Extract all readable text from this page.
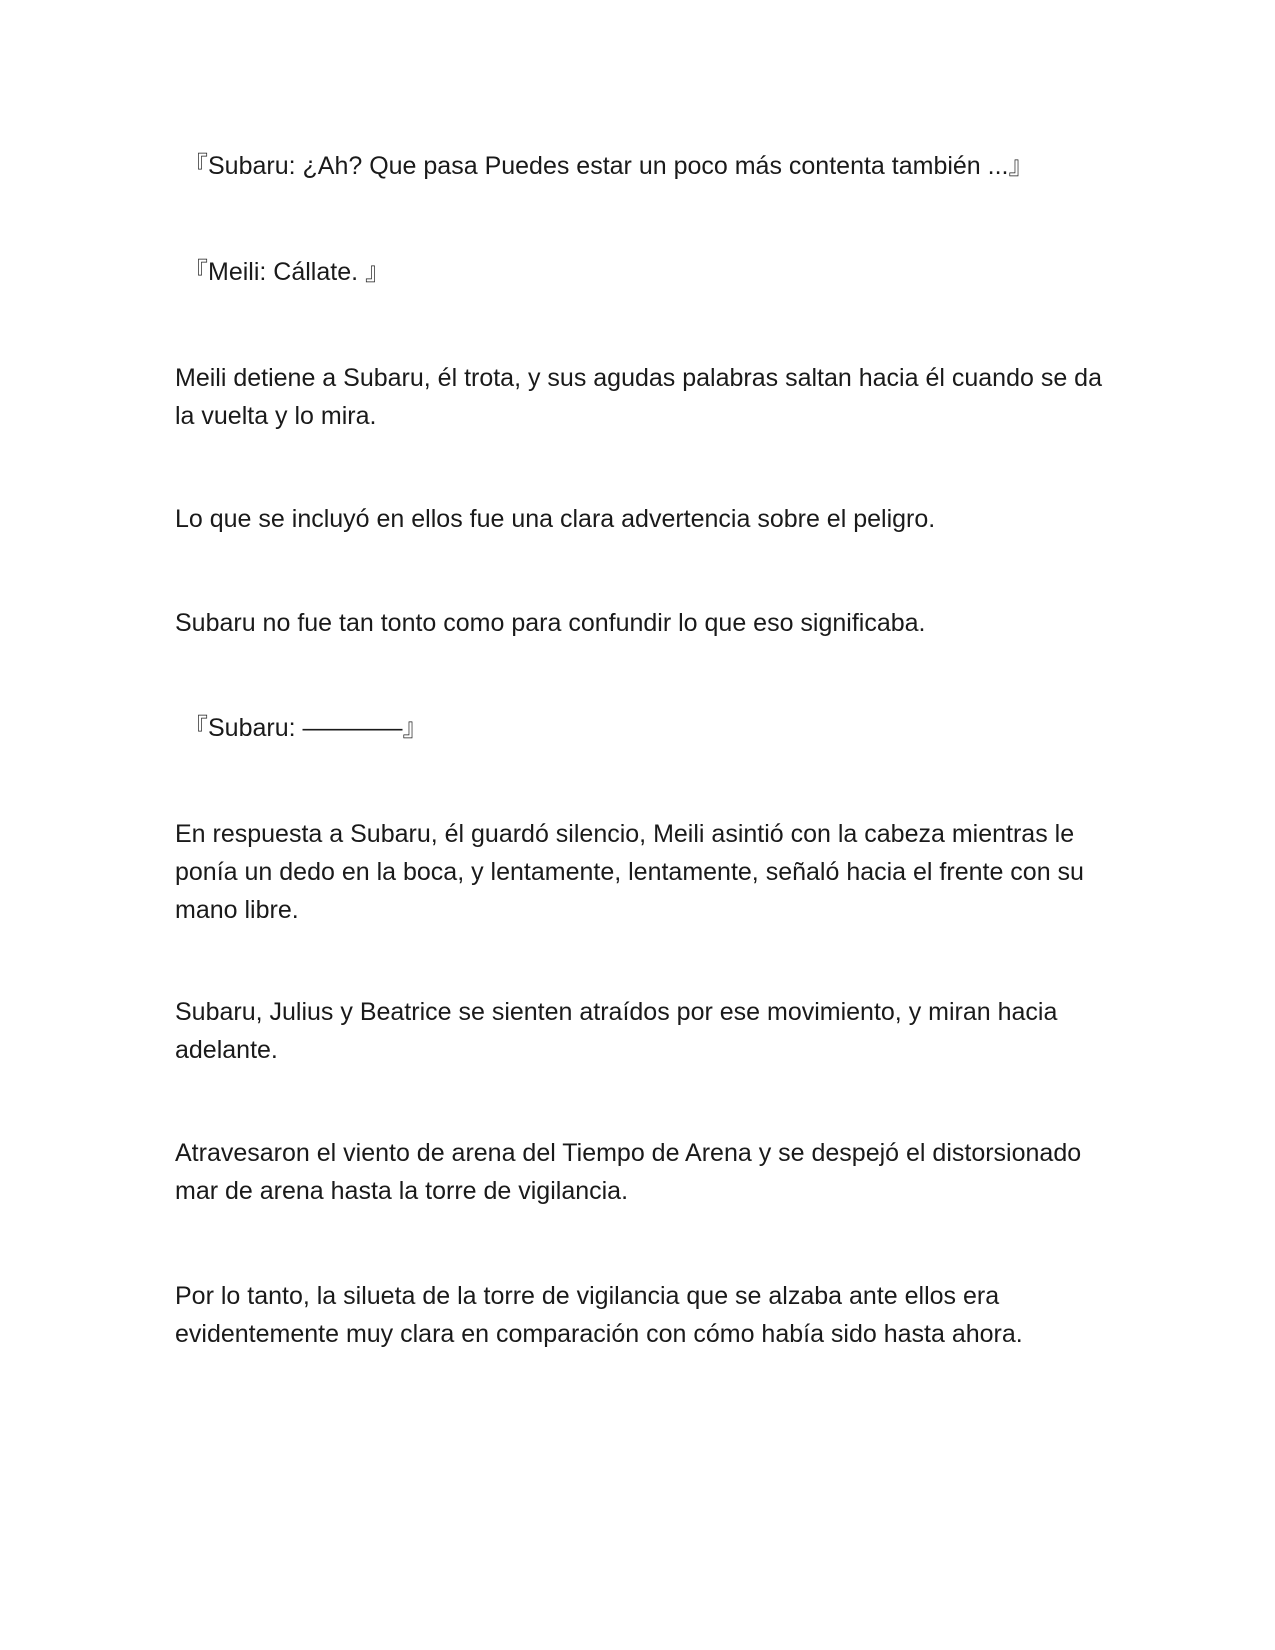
『Subaru: ¿Ah? Que pasa Puedes estar un poco más contenta también ...』

『Meili: Cállate. 』

Meili detiene a Subaru, él trota, y sus agudas palabras saltan hacia él cuando se da la vuelta y lo mira.

Lo que se incluyó en ellos fue una clara advertencia sobre el peligro.

Subaru no fue tan tonto como para confundir lo que eso significaba.

『Subaru: ————』

En respuesta a Subaru, él guardó silencio, Meili asintió con la cabeza mientras le ponía un dedo en la boca, y lentamente, lentamente, señaló hacia el frente con su mano libre.

Subaru, Julius y Beatrice se sienten atraídos por ese movimiento, y miran hacia adelante.

Atravesaron el viento de arena del Tiempo de Arena y se despejó el distorsionado mar de arena hasta la torre de vigilancia.

Por lo tanto, la silueta de la torre de vigilancia que se alzaba ante ellos era evidentemente muy clara en comparación con cómo había sido hasta ahora.
